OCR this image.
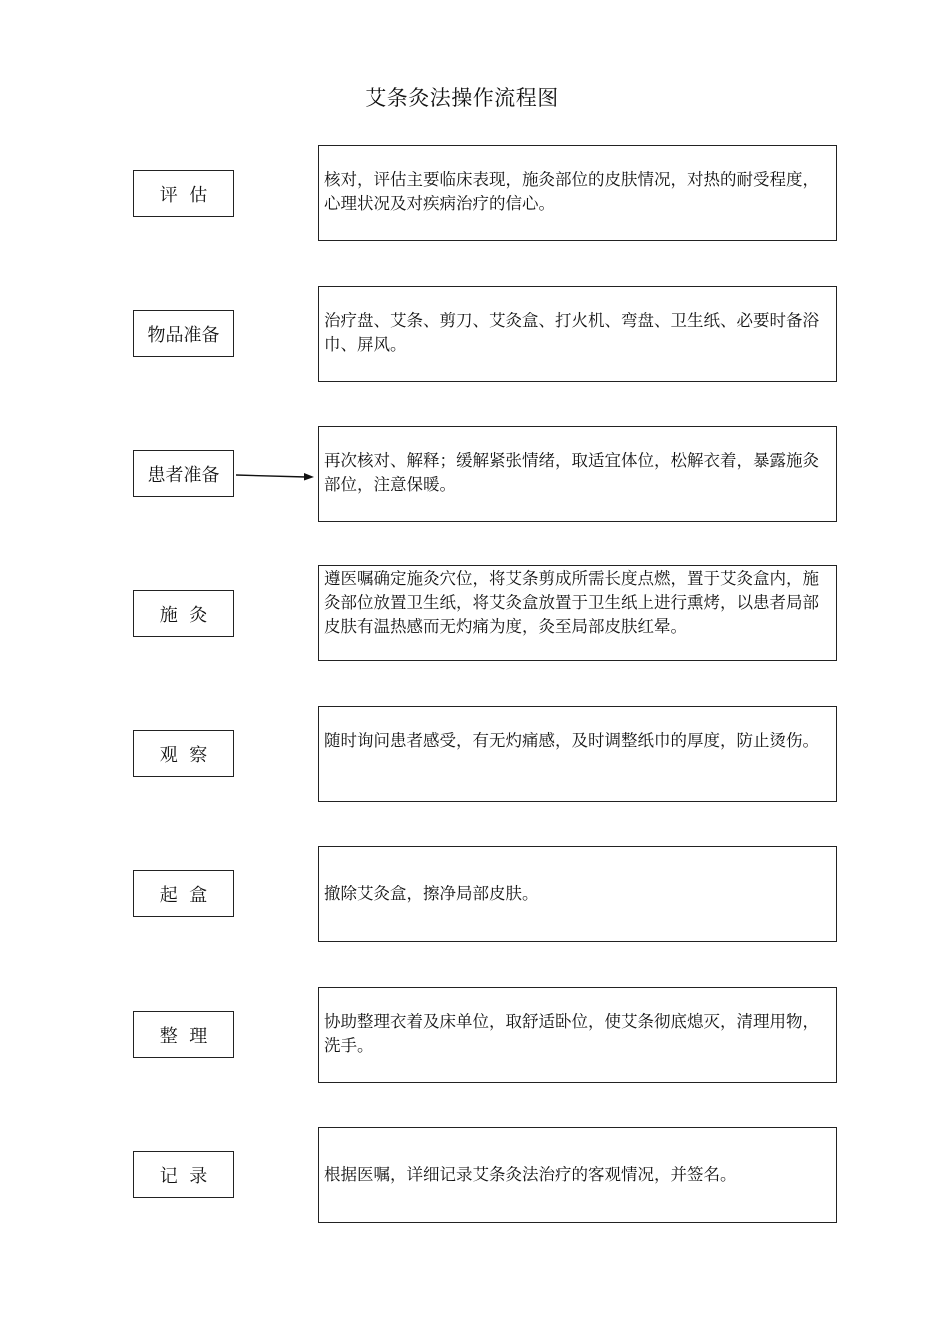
艾条灸法操作流程图
评  估
核对，评估主要临床表现，施灸部位的皮肤情况，对热的耐受程度，心理状况及对疾病治疗的信心。
物品准备
治疗盘、艾条、剪刀、艾灸盒、打火机、弯盘、卫生纸、必要时备浴巾、屏风。
患者准备
再次核对、解释；缓解紧张情绪，取适宜体位，松解衣着，暴露施灸部位，注意保暖。
施  灸
遵医嘱确定施灸穴位，将艾条剪成所需长度点燃，置于艾灸盒内，施灸部位放置卫生纸，将艾灸盒放置于卫生纸上进行熏烤，以患者局部皮肤有温热感而无灼痛为度，灸至局部皮肤红晕。
观  察
随时询问患者感受，有无灼痛感，及时调整纸巾的厚度，防止烫伤。
起  盒	撤除艾灸盒，擦净局部皮肤。
整  理
协助整理衣着及床单位，取舒适卧位，使艾条彻底熄灭，清理用物，洗手。
记  录	根据医嘱，详细记录艾条灸法治疗的客观情况，并签名。
